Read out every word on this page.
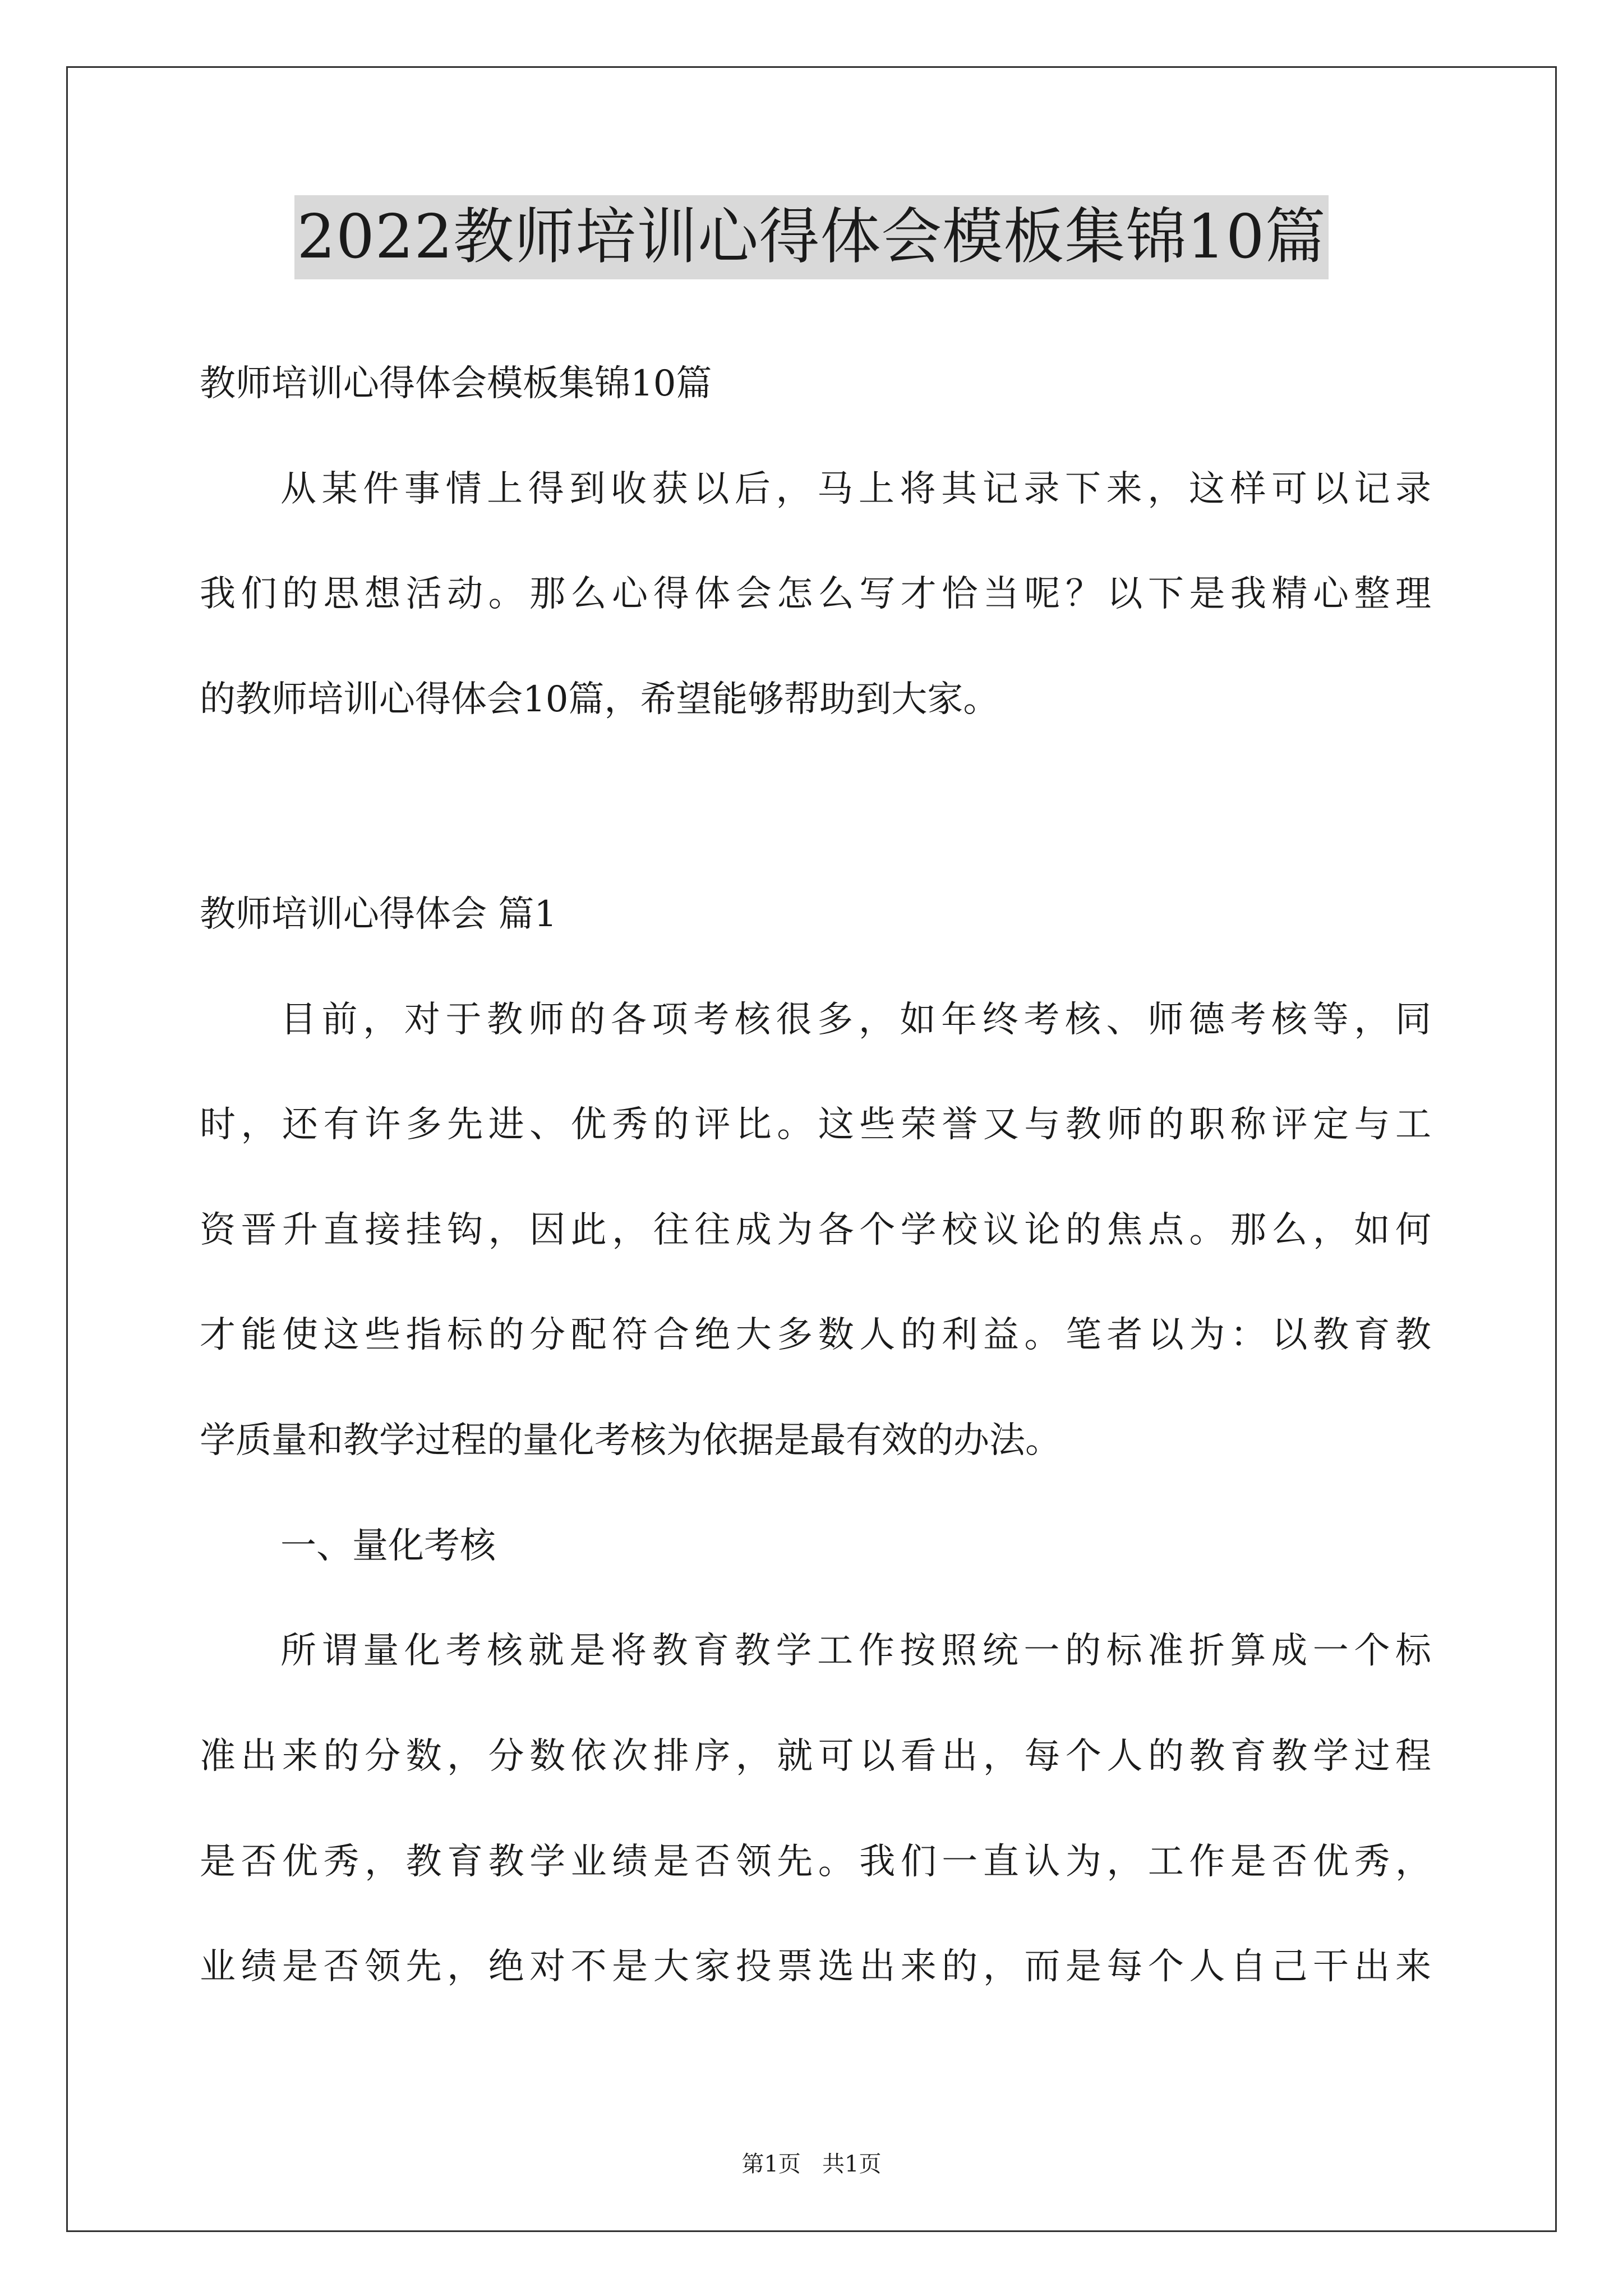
2022教师培训心得体会模板集锦10篇

教师培训心得体会模板集锦10篇

从某件事情上得到收获以后，马上将其记录下来，这样可以记录

我们的思想活动。那么心得体会怎么写才恰当呢？以下是我精心整理

的教师培训心得体会10篇，希望能够帮助到大家。

教师培训心得体会 篇1

目前，对于教师的各项考核很多，如年终考核、师德考核等，同

时，还有许多先进、优秀的评比。这些荣誉又与教师的职称评定与工

资晋升直接挂钩，因此，往往成为各个学校议论的焦点。那么，如何

才能使这些指标的分配符合绝大多数人的利益。笔者以为：以教育教

学质量和教学过程的量化考核为依据是最有效的办法。

一、量化考核

所谓量化考核就是将教育教学工作按照统一的标准折算成一个标

准出来的分数，分数依次排序，就可以看出，每个人的教育教学过程

是否优秀，教育教学业绩是否领先。我们一直认为，工作是否优秀，

业绩是否领先，绝对不是大家投票选出来的，而是每个人自己干出来

第1页   共1页
